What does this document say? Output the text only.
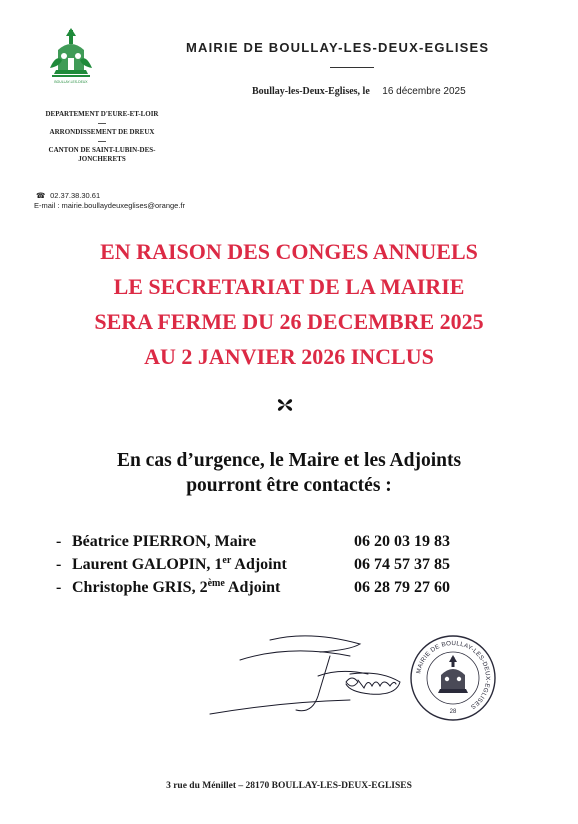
BOULLAY-LES-DEUX
MAIRIE DE BOULLAY-LES-DEUX-EGLISES
Boullay-les-Deux-Eglises, le 16 décembre 2025
DEPARTEMENT D'EURE-ET-LOIR
ARRONDISSEMENT DE DREUX
CANTON DE SAINT-LUBIN-DES-JONCHERETS
☎ 02.37.38.30.61
E-mail : mairie.boullaydeuxeglises@orange.fr
EN RAISON DES CONGES ANNUELS
LE SECRETARIAT DE LA MAIRIE
SERA FERME DU 26 DECEMBRE 2025
AU 2 JANVIER 2026 INCLUS
En cas d’urgence, le Maire et les Adjoints
pourront être contactés :
- Béatrice PIERRON, Maire	06 20 03 19 83
- Laurent GALOPIN, 1er Adjoint	06 74 57 37 85
- Christophe GRIS, 2ème Adjoint	06 28 79 27 60
MAIRIE DE BOULLAY-LES-DEUX-EGLISES
28
3 rue du Ménillet – 28170 BOULLAY-LES-DEUX-EGLISES
